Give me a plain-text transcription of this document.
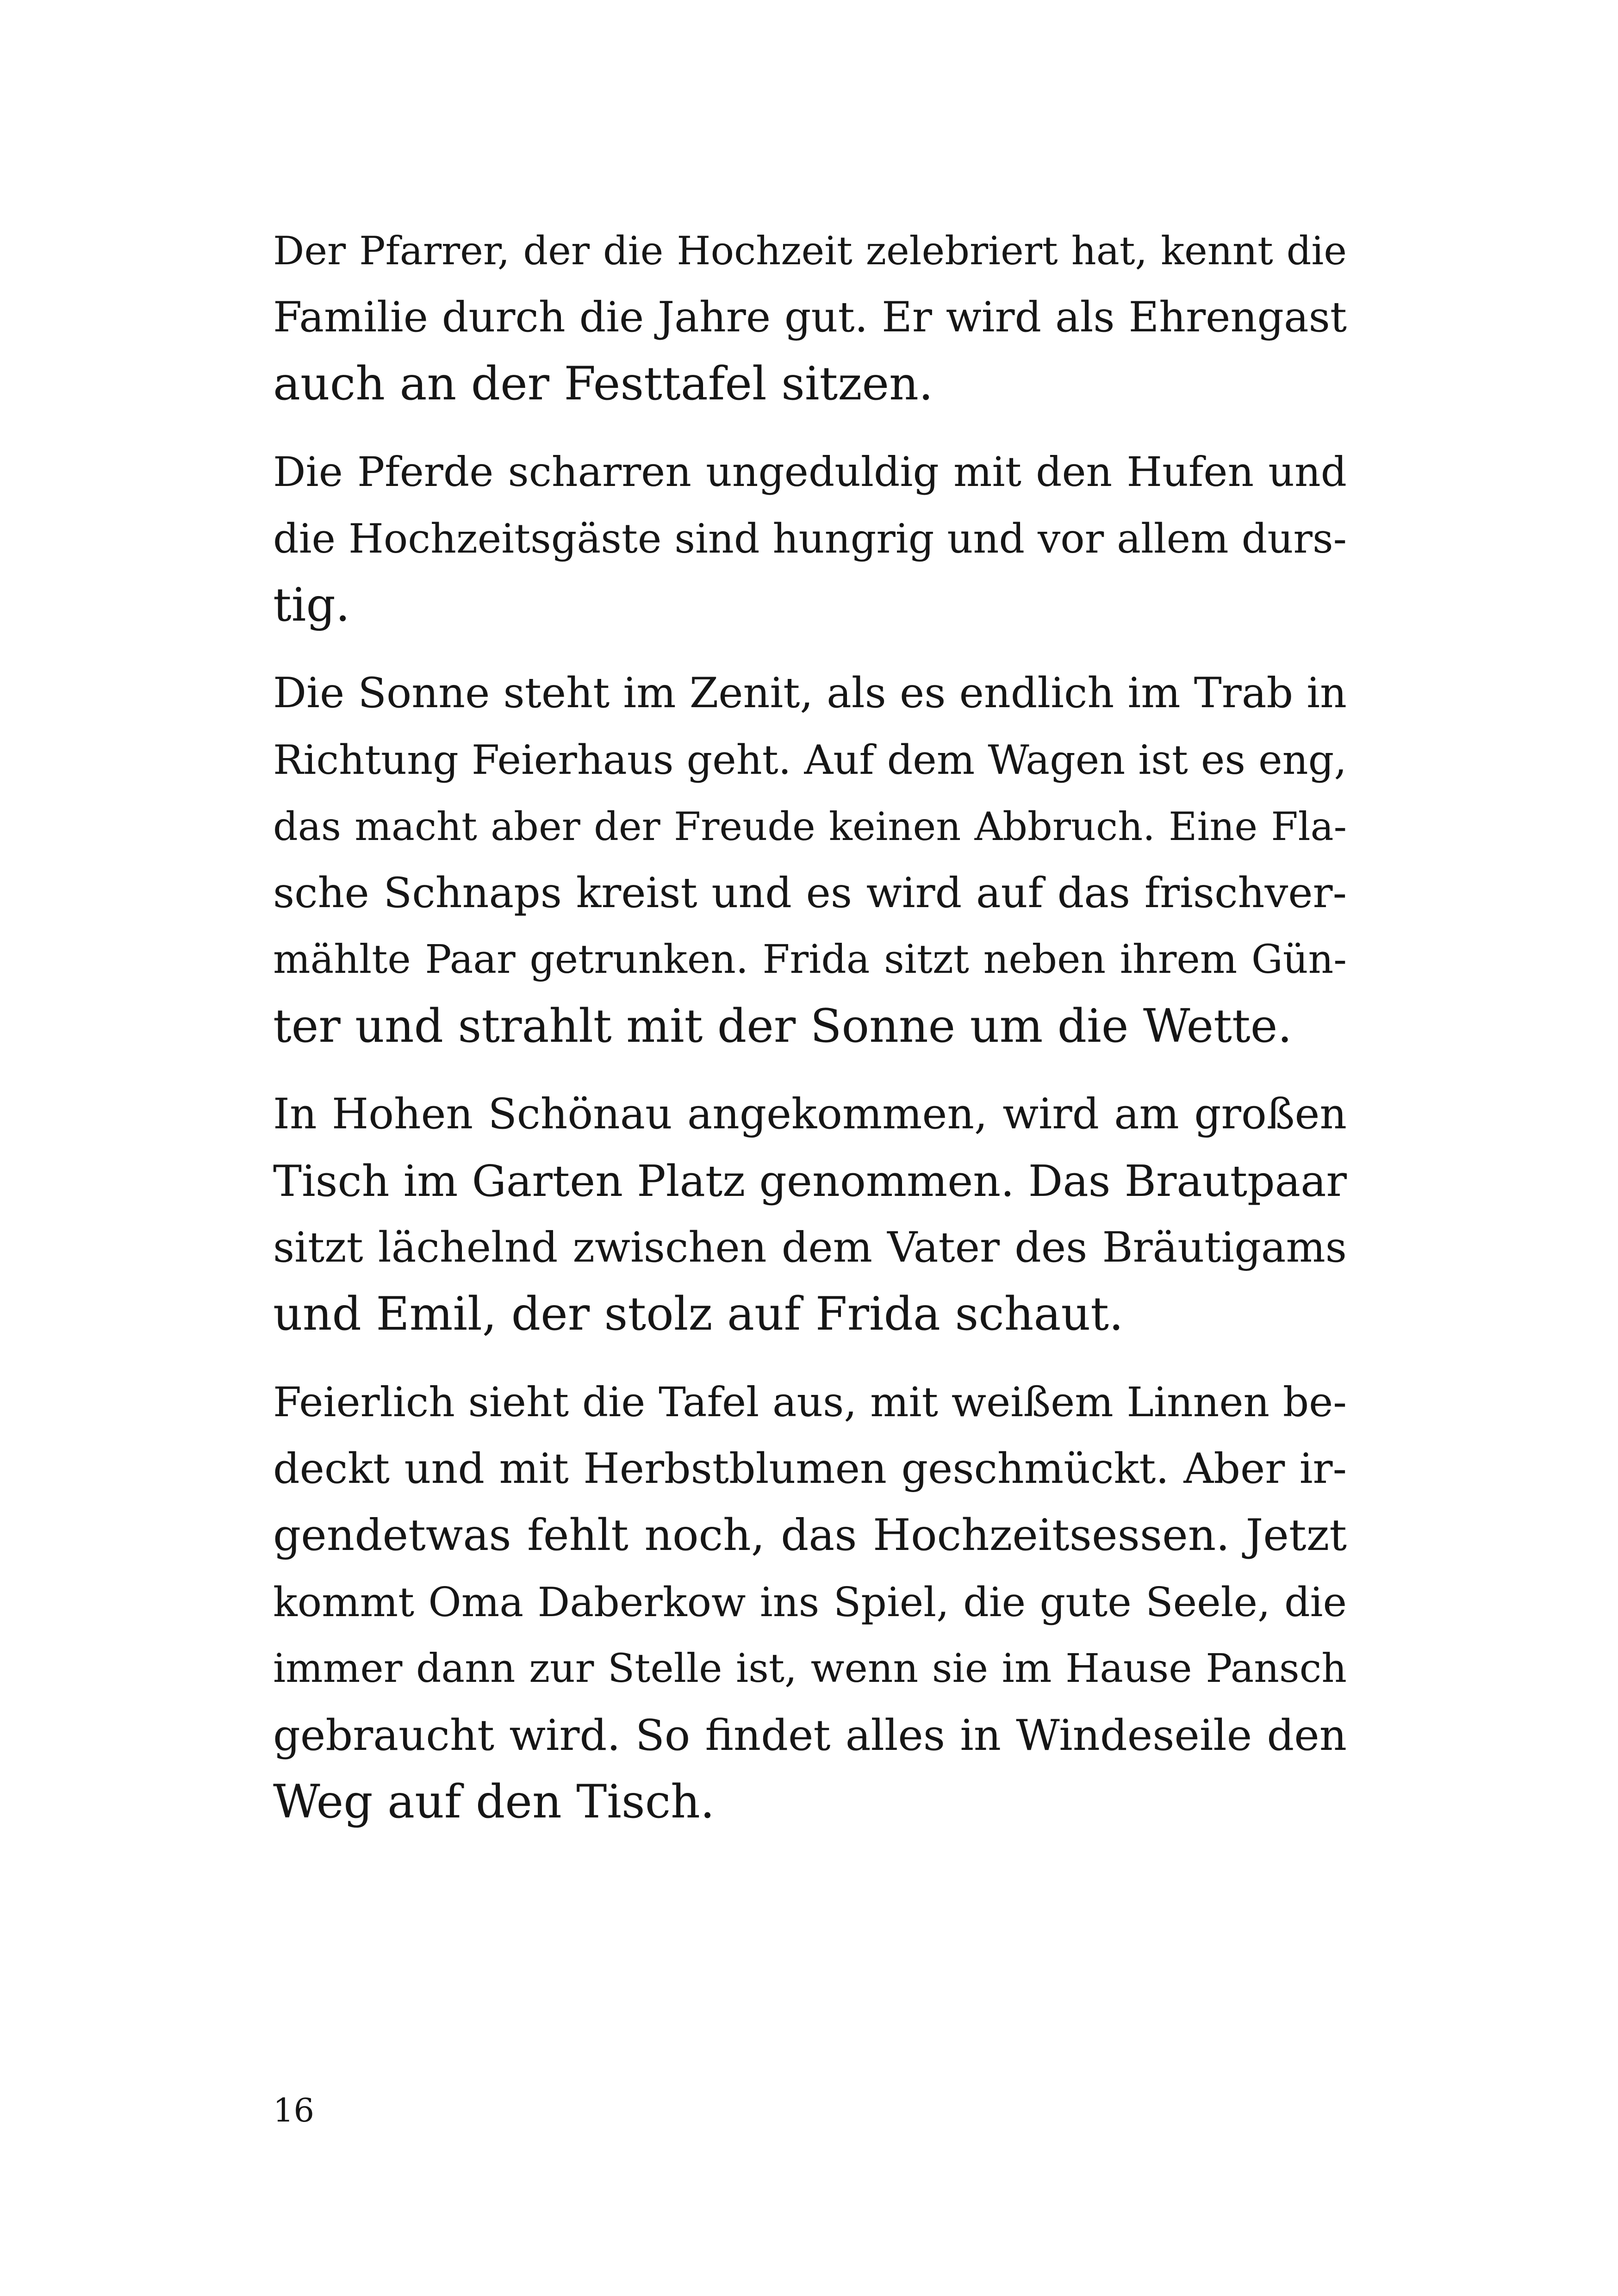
Der Pfarrer, der die Hochzeit zelebriert hat, kennt die
Familie durch die Jahre gut. Er wird als Ehrengast
auch an der Festtafel sitzen.

Die Pferde scharren ungeduldig mit den Hufen und
die Hochzeitsgäste sind hungrig und vor allem durs-
tig.

Die Sonne steht im Zenit, als es endlich im Trab in
Richtung Feierhaus geht. Auf dem Wagen ist es eng,
das macht aber der Freude keinen Abbruch. Eine Fla-
sche Schnaps kreist und es wird auf das frischver-
mählte Paar getrunken. Frida sitzt neben ihrem Gün-
ter und strahlt mit der Sonne um die Wette.

In Hohen Schönau angekommen, wird am großen
Tisch im Garten Platz genommen. Das Brautpaar
sitzt lächelnd zwischen dem Vater des Bräutigams
und Emil, der stolz auf Frida schaut.

Feierlich sieht die Tafel aus, mit weißem Linnen be-
deckt und mit Herbstblumen geschmückt. Aber ir-
gendetwas fehlt noch, das Hochzeitsessen. Jetzt
kommt Oma Daberkow ins Spiel, die gute Seele, die
immer dann zur Stelle ist, wenn sie im Hause Pansch
gebraucht wird. So findet alles in Windeseile den
Weg auf den Tisch.

16
